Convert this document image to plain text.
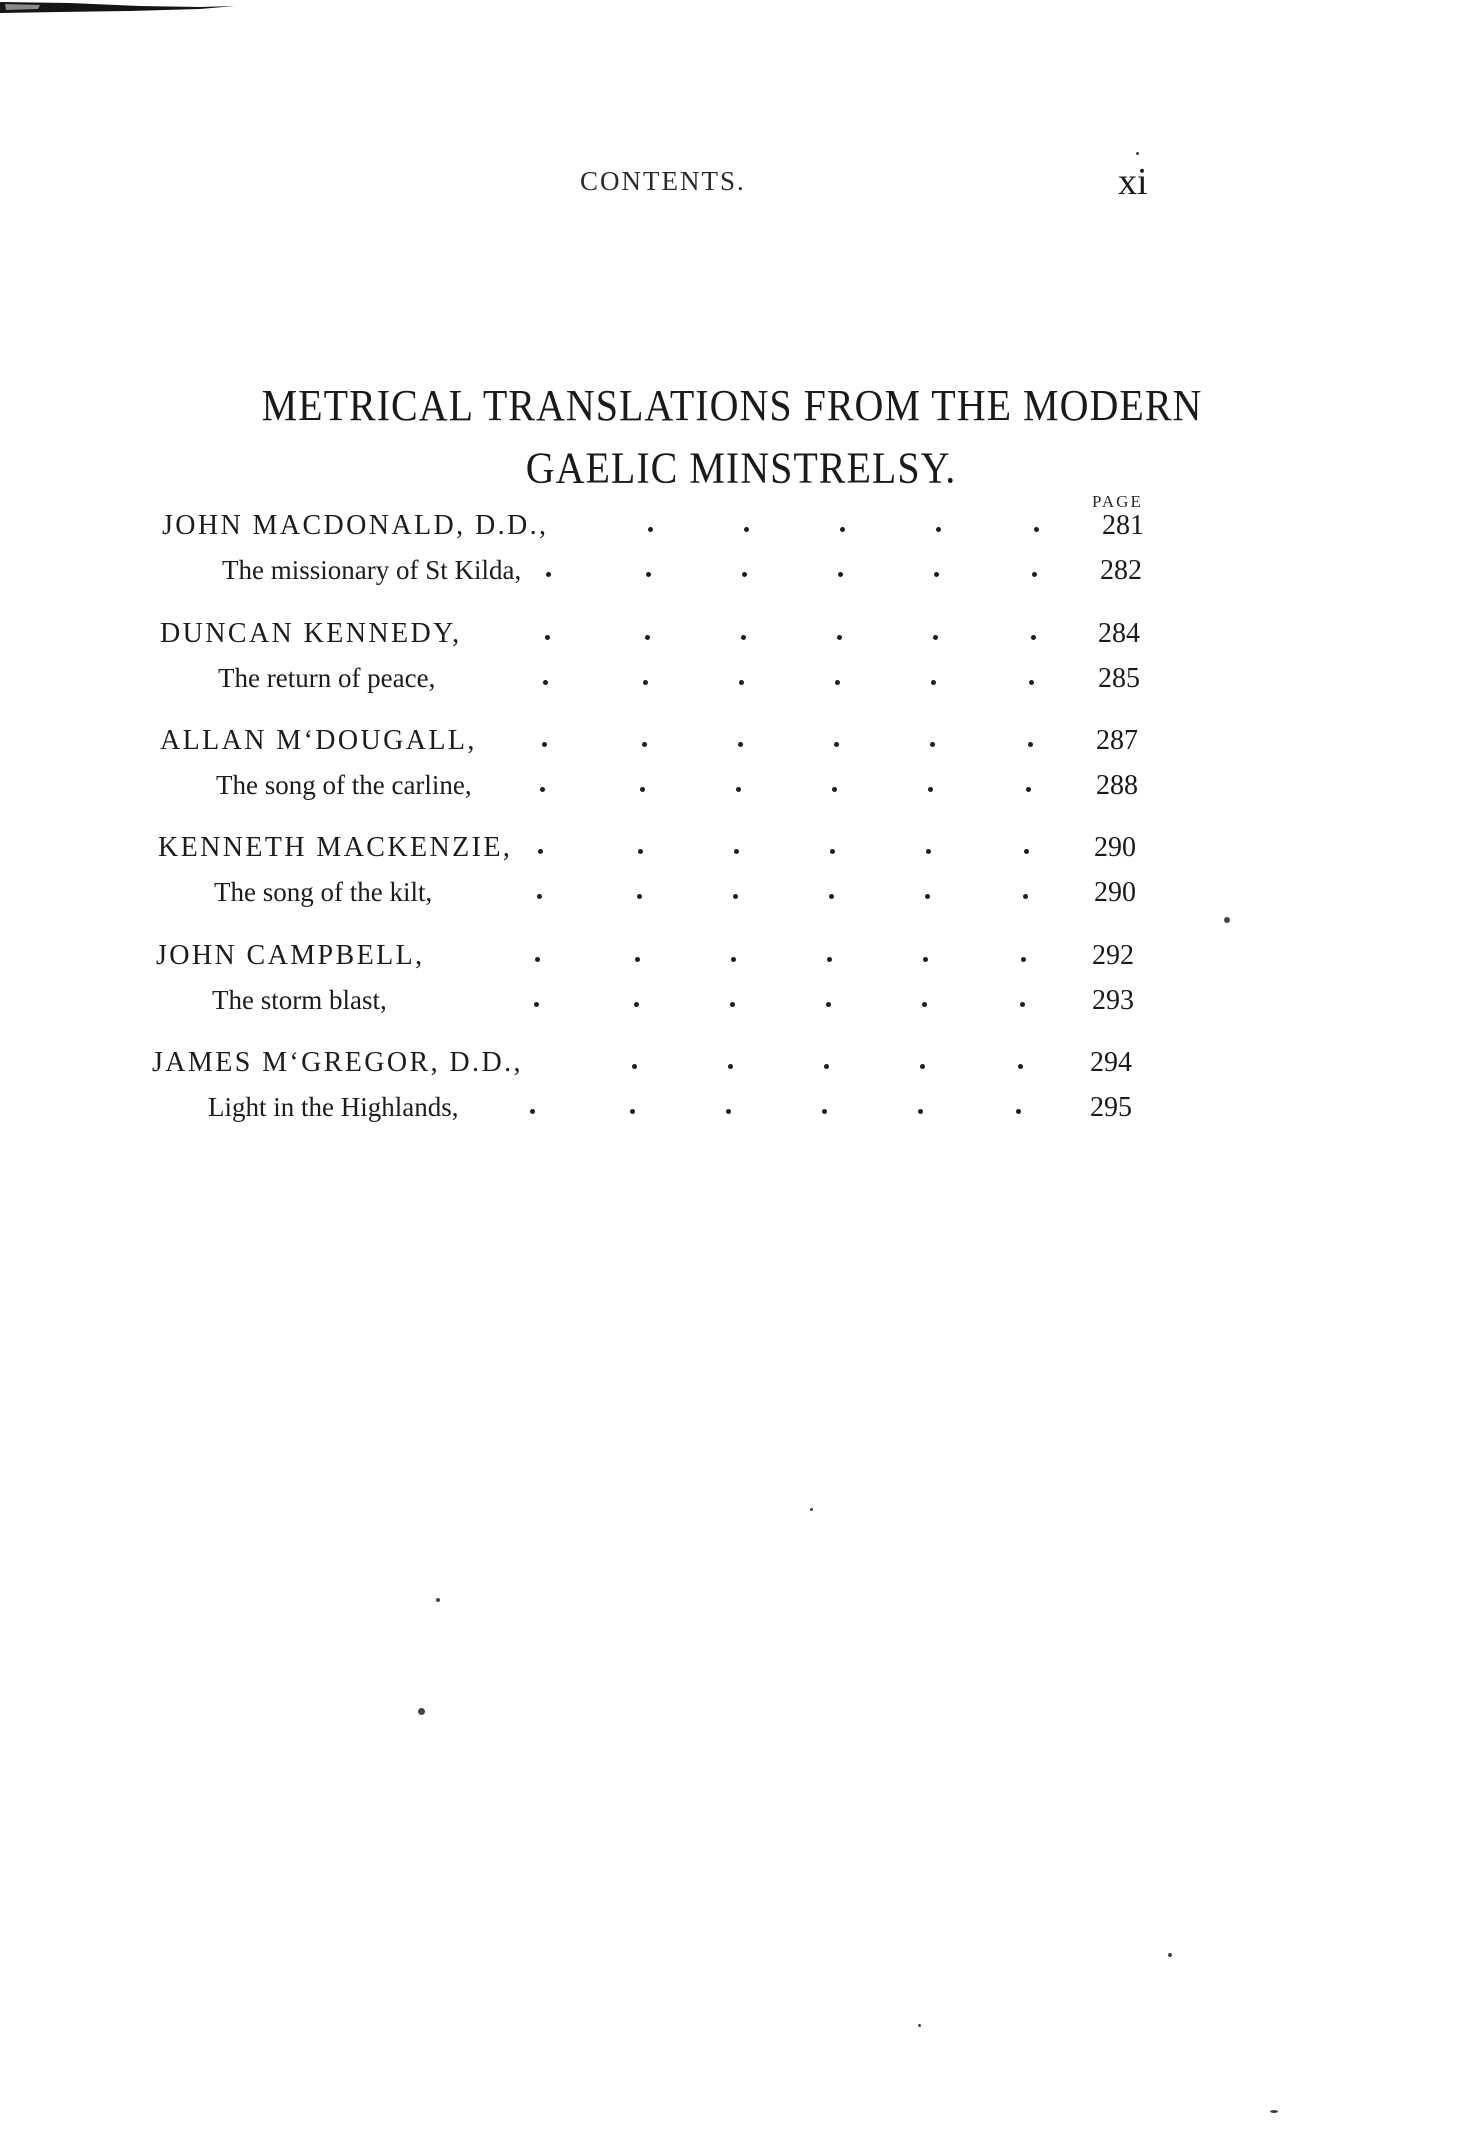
CONTENTS.	xi
METRICAL TRANSLATIONS FROM THE MODERN
GAELIC MINSTRELSY.
PAGE
JOHN MACDONALD, D.D.,	281
The missionary of St Kilda,	282
DUNCAN KENNEDY,	284
The return of peace,	285
ALLAN M‘DOUGALL,	287
The song of the carline,	288
KENNETH MACKENZIE,	290
The song of the kilt,	290
JOHN CAMPBELL,	292
The storm blast,	293
JAMES M‘GREGOR, D.D.,	294
Light in the Highlands,	295
